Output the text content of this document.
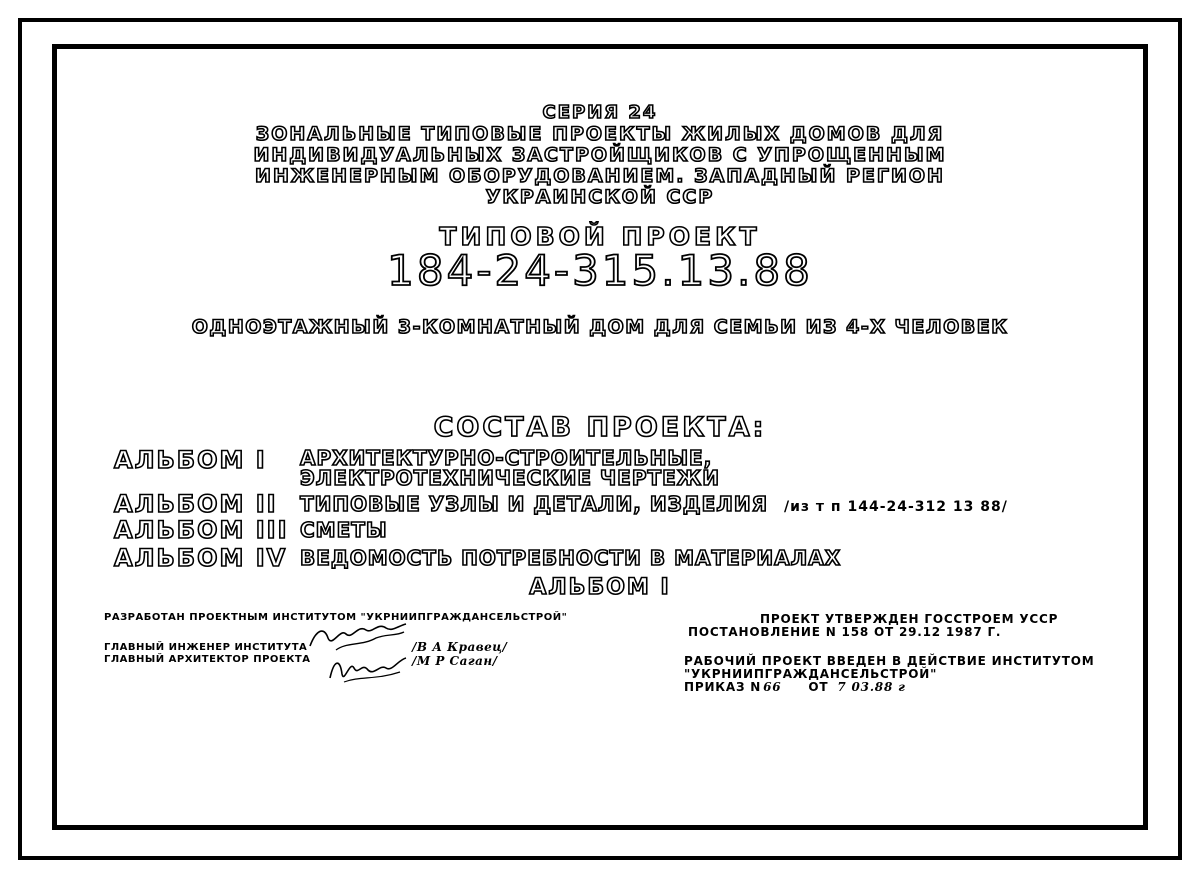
СЕРИЯ 24
ЗОНАЛЬНЫЕ ТИПОВЫЕ ПРОЕКТЫ ЖИЛЫХ ДОМОВ ДЛЯ
ИНДИВИДУАЛЬНЫХ ЗАСТРОЙЩИКОВ С УПРОЩЕННЫМ
ИНЖЕНЕРНЫМ ОБОРУДОВАНИЕМ. ЗАПАДНЫЙ РЕГИОН
УКРАИНСКОЙ ССР
ТИПОВОЙ ПРОЕКТ
184-24-315.13.88
ОДНОЭТАЖНЫЙ 3-КОМНАТНЫЙ ДОМ ДЛЯ СЕМЬИ ИЗ 4-Х ЧЕЛОВЕК
СОСТАВ ПРОЕКТА:
АЛЬБОМ I АРХИТЕКТУРНО-СТРОИТЕЛЬНЫЕ,
ЭЛЕКТРОТЕХНИЧЕСКИЕ ЧЕРТЕЖИ
АЛЬБОМ II ТИПОВЫЕ УЗЛЫ И ДЕТАЛИ, ИЗДЕЛИЯ /из т п 144-24-312 13 88/
АЛЬБОМ III СМЕТЫ
АЛЬБОМ IV ВЕДОМОСТЬ ПОТРЕБНОСТИ В МАТЕРИАЛАХ
АЛЬБОМ I
РАЗРАБОТАН ПРОЕКТНЫМ ИНСТИТУТОМ "УКРНИИПГРАЖДАНСЕЛЬСТРОЙ"
ГЛАВНЫЙ ИНЖЕНЕР ИНСТИТУТА
ГЛАВНЫЙ АРХИТЕКТОР ПРОЕКТА
/В А Кравец/
/М Р Саган/
ПРОЕКТ УТВЕРЖДЕН ГОССТРОЕМ УССР
ПОСТАНОВЛЕНИЕ N 158 ОТ 29.12 1987 Г.
РАБОЧИЙ ПРОЕКТ ВВЕДЕН В ДЕЙСТВИЕ ИНСТИТУТОМ
"УКРНИИПГРАЖДАНСЕЛЬСТРОЙ"
ПРИКАЗ N 66 ОТ 7 03.88 г
